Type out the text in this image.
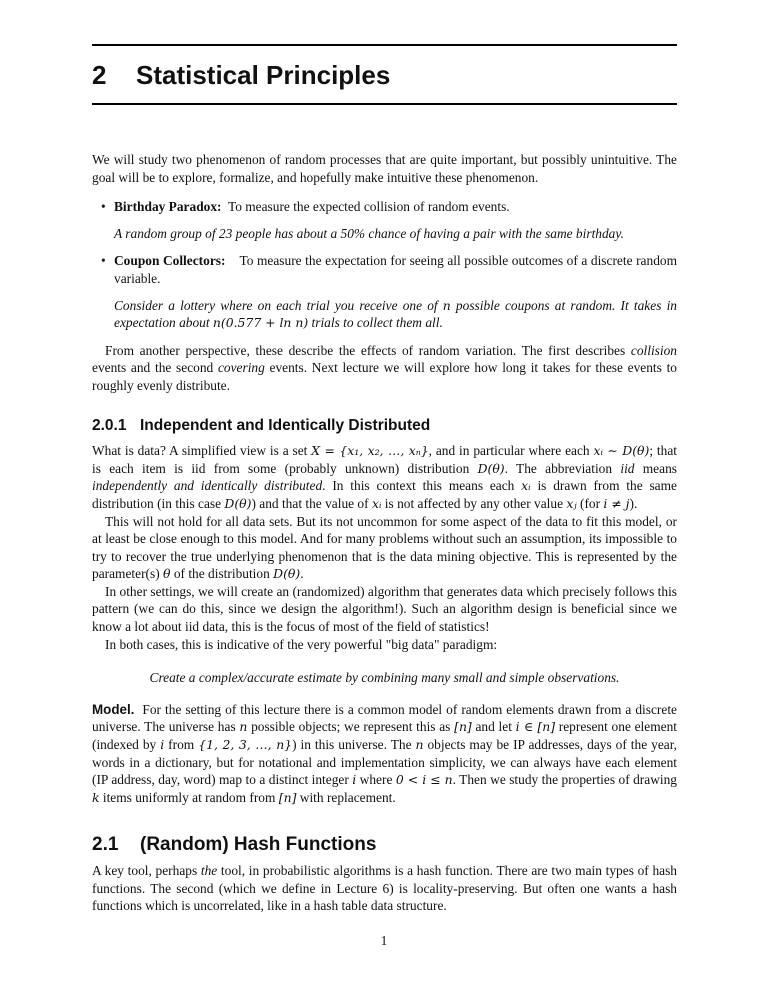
2 Statistical Principles

We will study two phenomenon of random processes that are quite important, but possibly unintuitive. The goal will be to explore, formalize, and hopefully make intuitive these phenomenon.

• Birthday Paradox: To measure the expected collision of random events.

A random group of 23 people has about a 50% chance of having a pair with the same birthday.

• Coupon Collectors: To measure the expectation for seeing all possible outcomes of a discrete random variable.

Consider a lottery where on each trial you receive one of n possible coupons at random. It takes in expectation about n(0.577 + ln n) trials to collect them all.

From another perspective, these describe the effects of random variation. The first describes collision events and the second covering events. Next lecture we will explore how long it takes for these events to roughly evenly distribute.

2.0.1 Independent and Identically Distributed

What is data? A simplified view is a set X = {x₁, x₂, …, xₙ}, and in particular where each xᵢ ∼ D(θ); that is each item is iid from some (probably unknown) distribution D(θ). The abbreviation iid means independently and identically distributed. In this context this means each xᵢ is drawn from the same distribution (in this case D(θ)) and that the value of xᵢ is not affected by any other value xⱼ (for i ≠ j).

This will not hold for all data sets. But its not uncommon for some aspect of the data to fit this model, or at least be close enough to this model. And for many problems without such an assumption, its impossible to try to recover the true underlying phenomenon that is the data mining objective. This is represented by the parameter(s) θ of the distribution D(θ).

In other settings, we will create an (randomized) algorithm that generates data which precisely follows this pattern (we can do this, since we design the algorithm!). Such an algorithm design is beneficial since we know a lot about iid data, this is the focus of most of the field of statistics!

In both cases, this is indicative of the very powerful "big data" paradigm:

Create a complex/accurate estimate by combining many small and simple observations.

Model. For the setting of this lecture there is a common model of random elements drawn from a discrete universe. The universe has n possible objects; we represent this as [n] and let i ∈ [n] represent one element (indexed by i from {1, 2, 3, …, n}) in this universe. The n objects may be IP addresses, days of the year, words in a dictionary, but for notational and implementation simplicity, we can always have each element (IP address, day, word) map to a distinct integer i where 0 < i ≤ n. Then we study the properties of drawing k items uniformly at random from [n] with replacement.

2.1 (Random) Hash Functions

A key tool, perhaps the tool, in probabilistic algorithms is a hash function. There are two main types of hash functions. The second (which we define in Lecture 6) is locality-preserving. But often one wants a hash functions which is uncorrelated, like in a hash table data structure.

1
